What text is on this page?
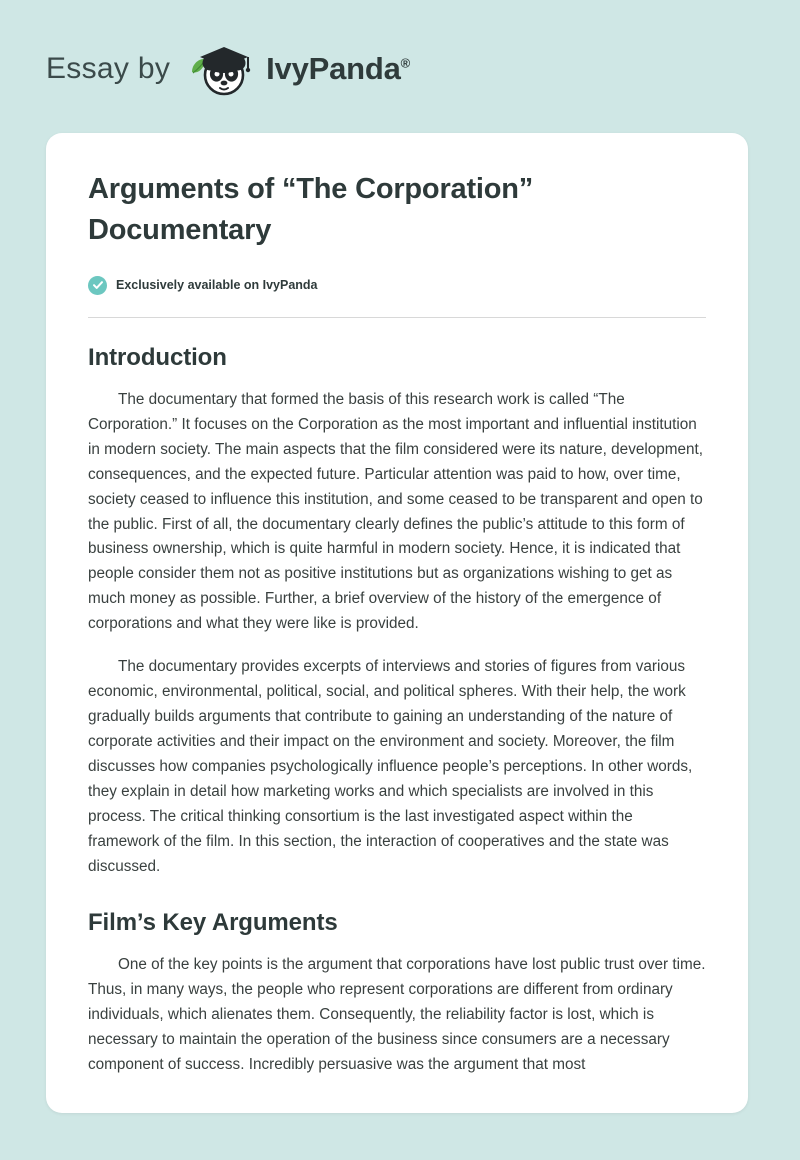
Essay by	IvyPanda®
Arguments of “The Corporation” Documentary
Exclusively available on IvyPanda
Introduction

The documentary that formed the basis of this research work is called “The Corporation.” It focuses on the Corporation as the most important and influential institution in modern society. The main aspects that the film considered were its nature, development, consequences, and the expected future. Particular attention was paid to how, over time, society ceased to influence this institution, and some ceased to be transparent and open to the public. First of all, the documentary clearly defines the public’s attitude to this form of business ownership, which is quite harmful in modern society. Hence, it is indicated that people consider them not as positive institutions but as organizations wishing to get as much money as possible. Further, a brief overview of the history of the emergence of corporations and what they were like is provided.

The documentary provides excerpts of interviews and stories of figures from various economic, environmental, political, social, and political spheres. With their help, the work gradually builds arguments that contribute to gaining an understanding of the nature of corporate activities and their impact on the environment and society. Moreover, the film discusses how companies psychologically influence people’s perceptions. In other words, they explain in detail how marketing works and which specialists are involved in this process. The critical thinking consortium is the last investigated aspect within the framework of the film. In this section, the interaction of cooperatives and the state was discussed.

Film’s Key Arguments

One of the key points is the argument that corporations have lost public trust over time. Thus, in many ways, the people who represent corporations are different from ordinary individuals, which alienates them. Consequently, the reliability factor is lost, which is necessary to maintain the operation of the business since consumers are a necessary component of success. Incredibly persuasive was the argument that most
